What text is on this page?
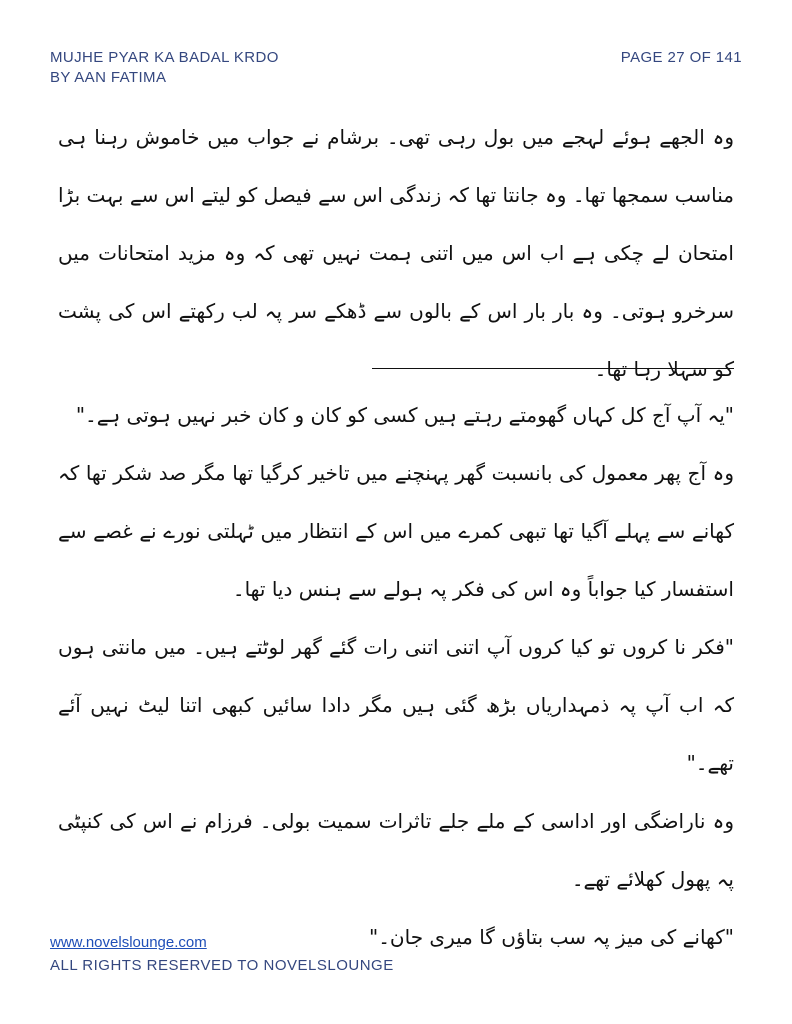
MUJHE PYAR KA BADAL KRDO
BY AAN FATIMA
PAGE 27 OF 141
وہ الجھے ہوئے لہجے میں بول رہی تھی۔ برشام نے جواب میں خاموش رہنا ہی مناسب سمجھا تھا۔ وہ جانتا تھا کہ زندگی اس سے فیصل کو لیتے اس سے بہت بڑا امتحان لے چکی ہے اب اس میں اتنی ہمت نہیں تھی کہ وہ مزید امتحانات میں سرخرو ہوتی۔ وہ بار بار اس کے بالوں سے ڈھکے سر پہ لب رکھتے اس کی پشت کو سہلا رہا تھا۔

"یہ آپ آج کل کہاں گھومتے رہتے ہیں کسی کو کان و کان خبر نہیں ہوتی ہے۔"

وہ آج پھر معمول کی بانسبت گھر پہنچنے میں تاخیر کرگیا تھا مگر صد شکر تھا کہ کھانے سے پہلے آگیا تھا تبھی کمرے میں اس کے انتظار میں ٹہلتی نورے نے غصے سے استفسار کیا جواباً وہ اس کی فکر پہ ہولے سے ہنس دیا تھا۔

"فکر نا کروں تو کیا کروں آپ اتنی اتنی رات گئے گھر لوٹتے ہیں۔ میں مانتی ہوں کہ اب آپ پہ ذمہداریاں بڑھ گئی ہیں مگر دادا سائیں کبھی اتنا لیٹ نہیں آئے تھے۔"

وہ ناراضگی اور اداسی کے ملے جلے تاثرات سمیت بولی۔ فرزام نے اس کی کنپٹی پہ پھول کھلائے تھے۔

"کھانے کی میز پہ سب بتاؤں گا میری جان۔"

www.novelslounge.com
ALL RIGHTS RESERVED TO NOVELSLOUNGE
